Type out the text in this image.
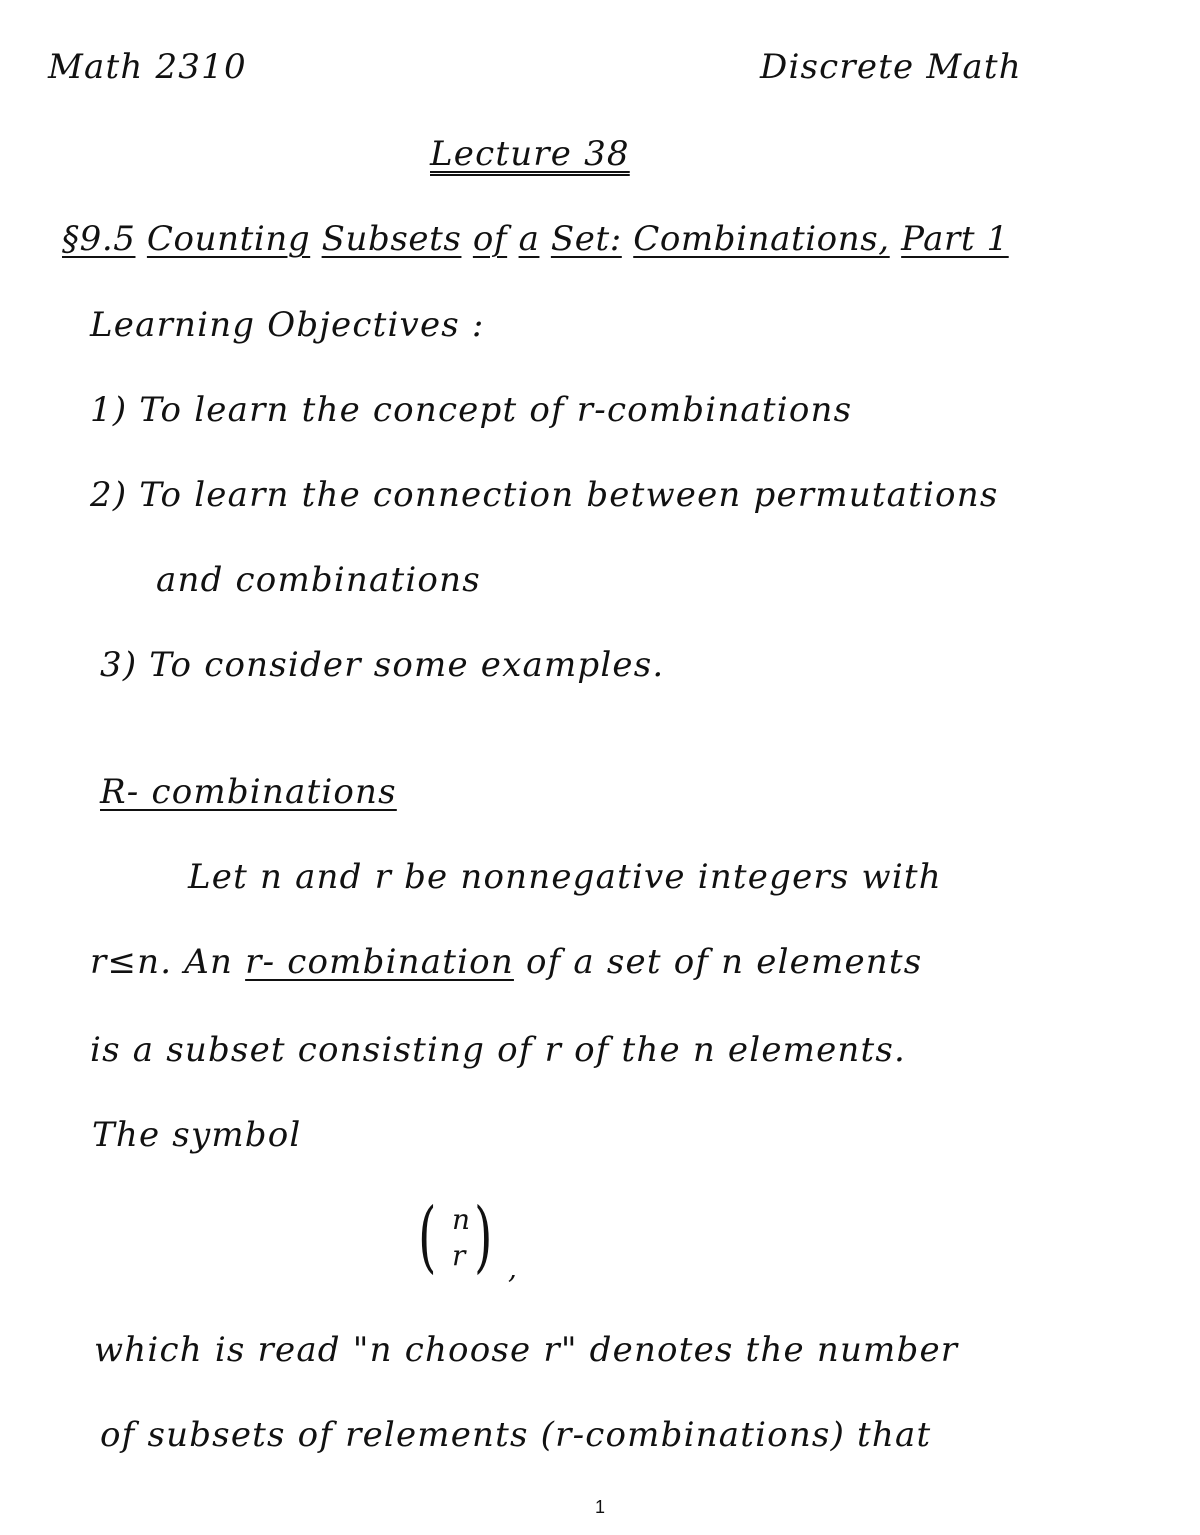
Math 2310	Discrete Math
Lecture 38
§9.5 Counting Subsets of a Set: Combinations, Part 1
Learning Objectives :
1) To learn the concept of r-combinations
2) To learn the connection between permutations
and combinations
3) To consider some examples.
R- combinations
Let n and r be nonnegative integers with
r≤n. An r- combination of a set of n elements
is a subset consisting of r of the n elements.
The symbol
( n
r ) ,
which is read "n choose r" denotes the number
of subsets of relements (r-combinations) that
1
